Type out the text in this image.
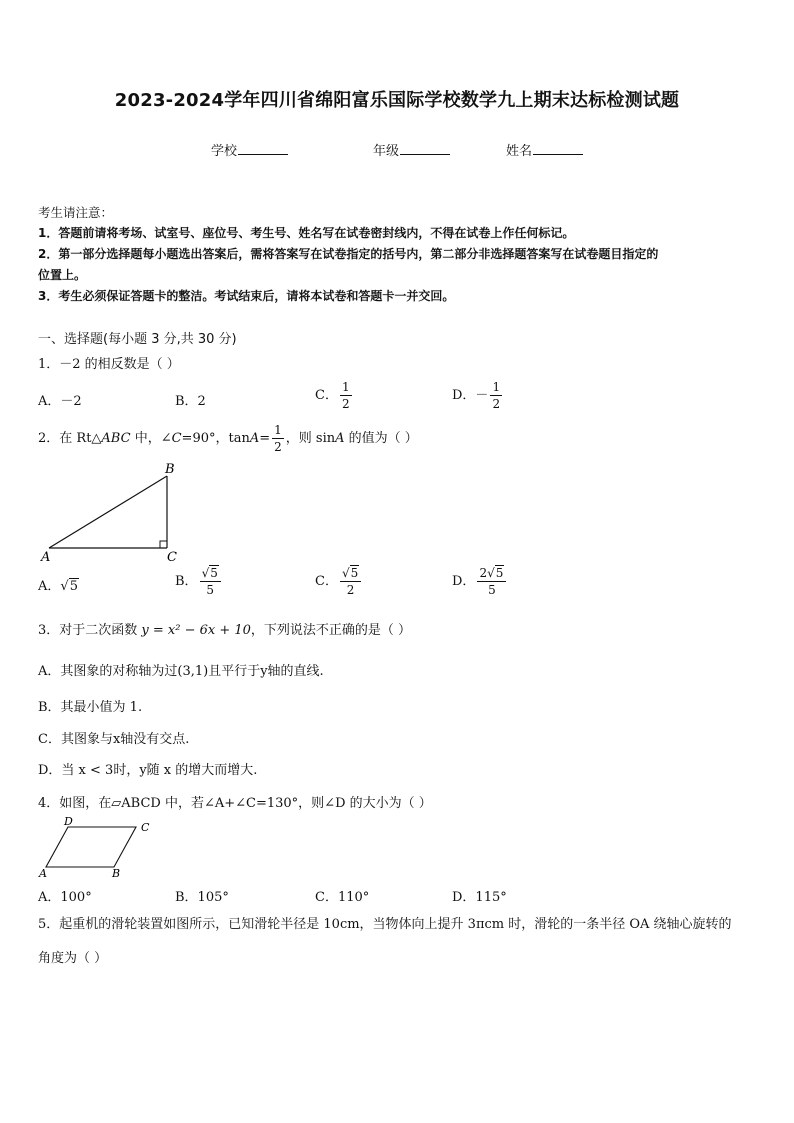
2023-2024学年四川省绵阳富乐国际学校数学九上期末达标检测试题
学校	年级	姓名
考生请注意：
1．答题前请将考场、试室号、座位号、考生号、姓名写在试卷密封线内，不得在试卷上作任何标记。
2．第一部分选择题每小题选出答案后，需将答案写在试卷指定的括号内，第二部分非选择题答案写在试卷题目指定的
位置上。
3．考生必须保证答题卡的整洁。考试结束后，请将本试卷和答题卡一并交回。
一、选择题(每小题 3 分,共 30 分)
1．－2 的相反数是（ ）
A．－2	B．2	C． $\frac{1}{2}$	D．－ $\frac{1}{2}$
2．在 Rt△ABC 中，∠C=90°，$\tan A= \frac{1}{2}$ ，则 sinA 的值为（ ）
A
B
C
A．√5	B． $\frac{√5}{5}$	C． $\frac{√5}{2}$	D． $\frac{2√5}{5}$
3．对于二次函数 y = x² − 6x + 10，下列说法不正确的是（ ）
A．其图象的对称轴为过(3,1)且平行于y轴的直线.
B．其最小值为 1.
C．其图象与x轴没有交点.
D．当 x < 3时，y随 x 的增大而增大.
4．如图，在▱ABCD 中，若∠A+∠C=130°，则∠D 的大小为（ ）
A	B
C
D
A．100°	B．105°	C．110°	D．115°
5．起重机的滑轮装置如图所示，已知滑轮半径是 10cm，当物体向上提升 3πcm 时，滑轮的一条半径 OA 绕轴心旋转的
角度为（ ）
